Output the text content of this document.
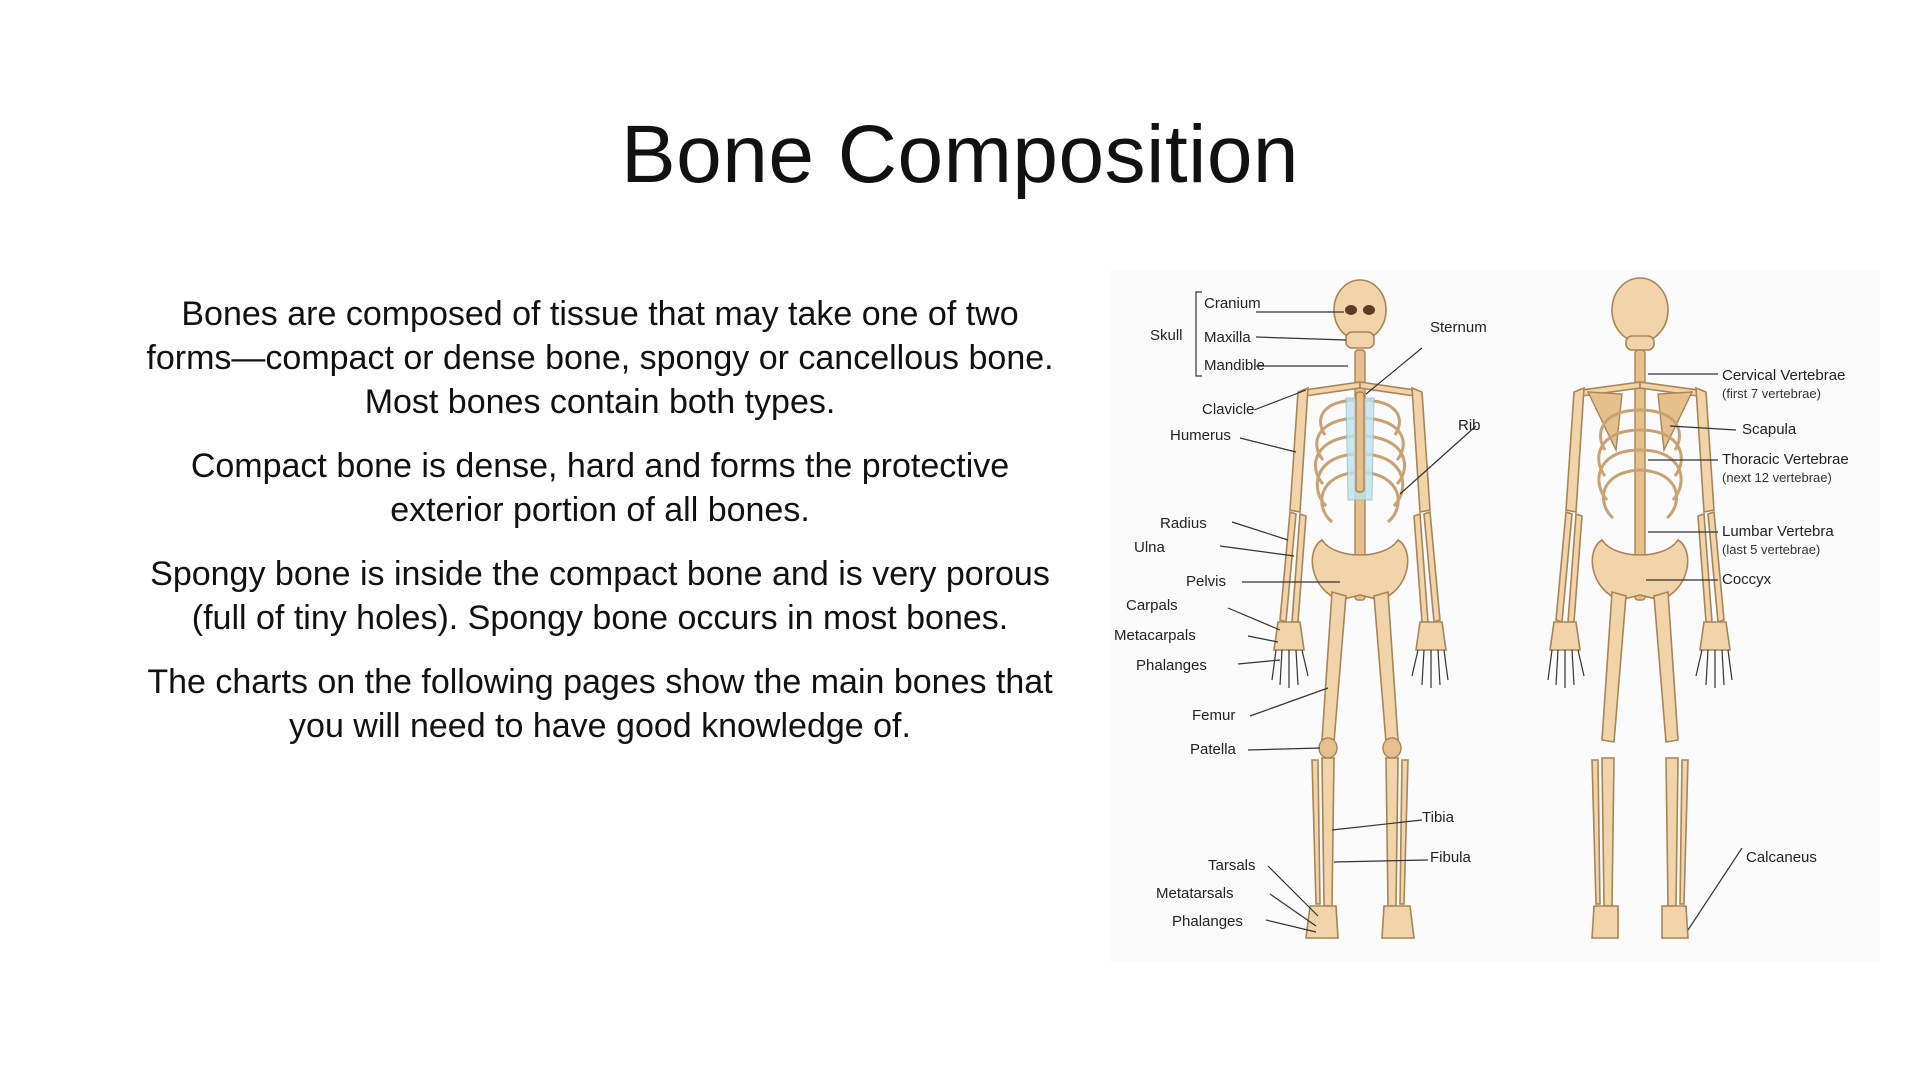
Bone Composition

Bones are composed of tissue that may take one of two forms—compact or dense bone, spongy or cancellous bone. Most bones contain both types.

Compact bone is dense, hard and forms the protective exterior portion of all bones.

Spongy bone is inside the compact bone and is very porous (full of tiny holes). Spongy bone occurs in most bones.

The charts on the following pages show the main bones that you will need to have good knowledge of.

Skull
Cranium
Maxilla
Mandible
Sternum
Clavicle
Humerus
Rib
Radius
Ulna
Pelvis
Carpals
Metacarpals
Phalanges
Femur
Patella
Tibia
Fibula
Tarsals
Metatarsals
Phalanges
Cervical Vertebrae
(first 7 vertebrae)
Scapula
Thoracic Vertebrae
(next 12 vertebrae)
Lumbar Vertebra
(last 5 vertebrae)
Coccyx
Calcaneus
